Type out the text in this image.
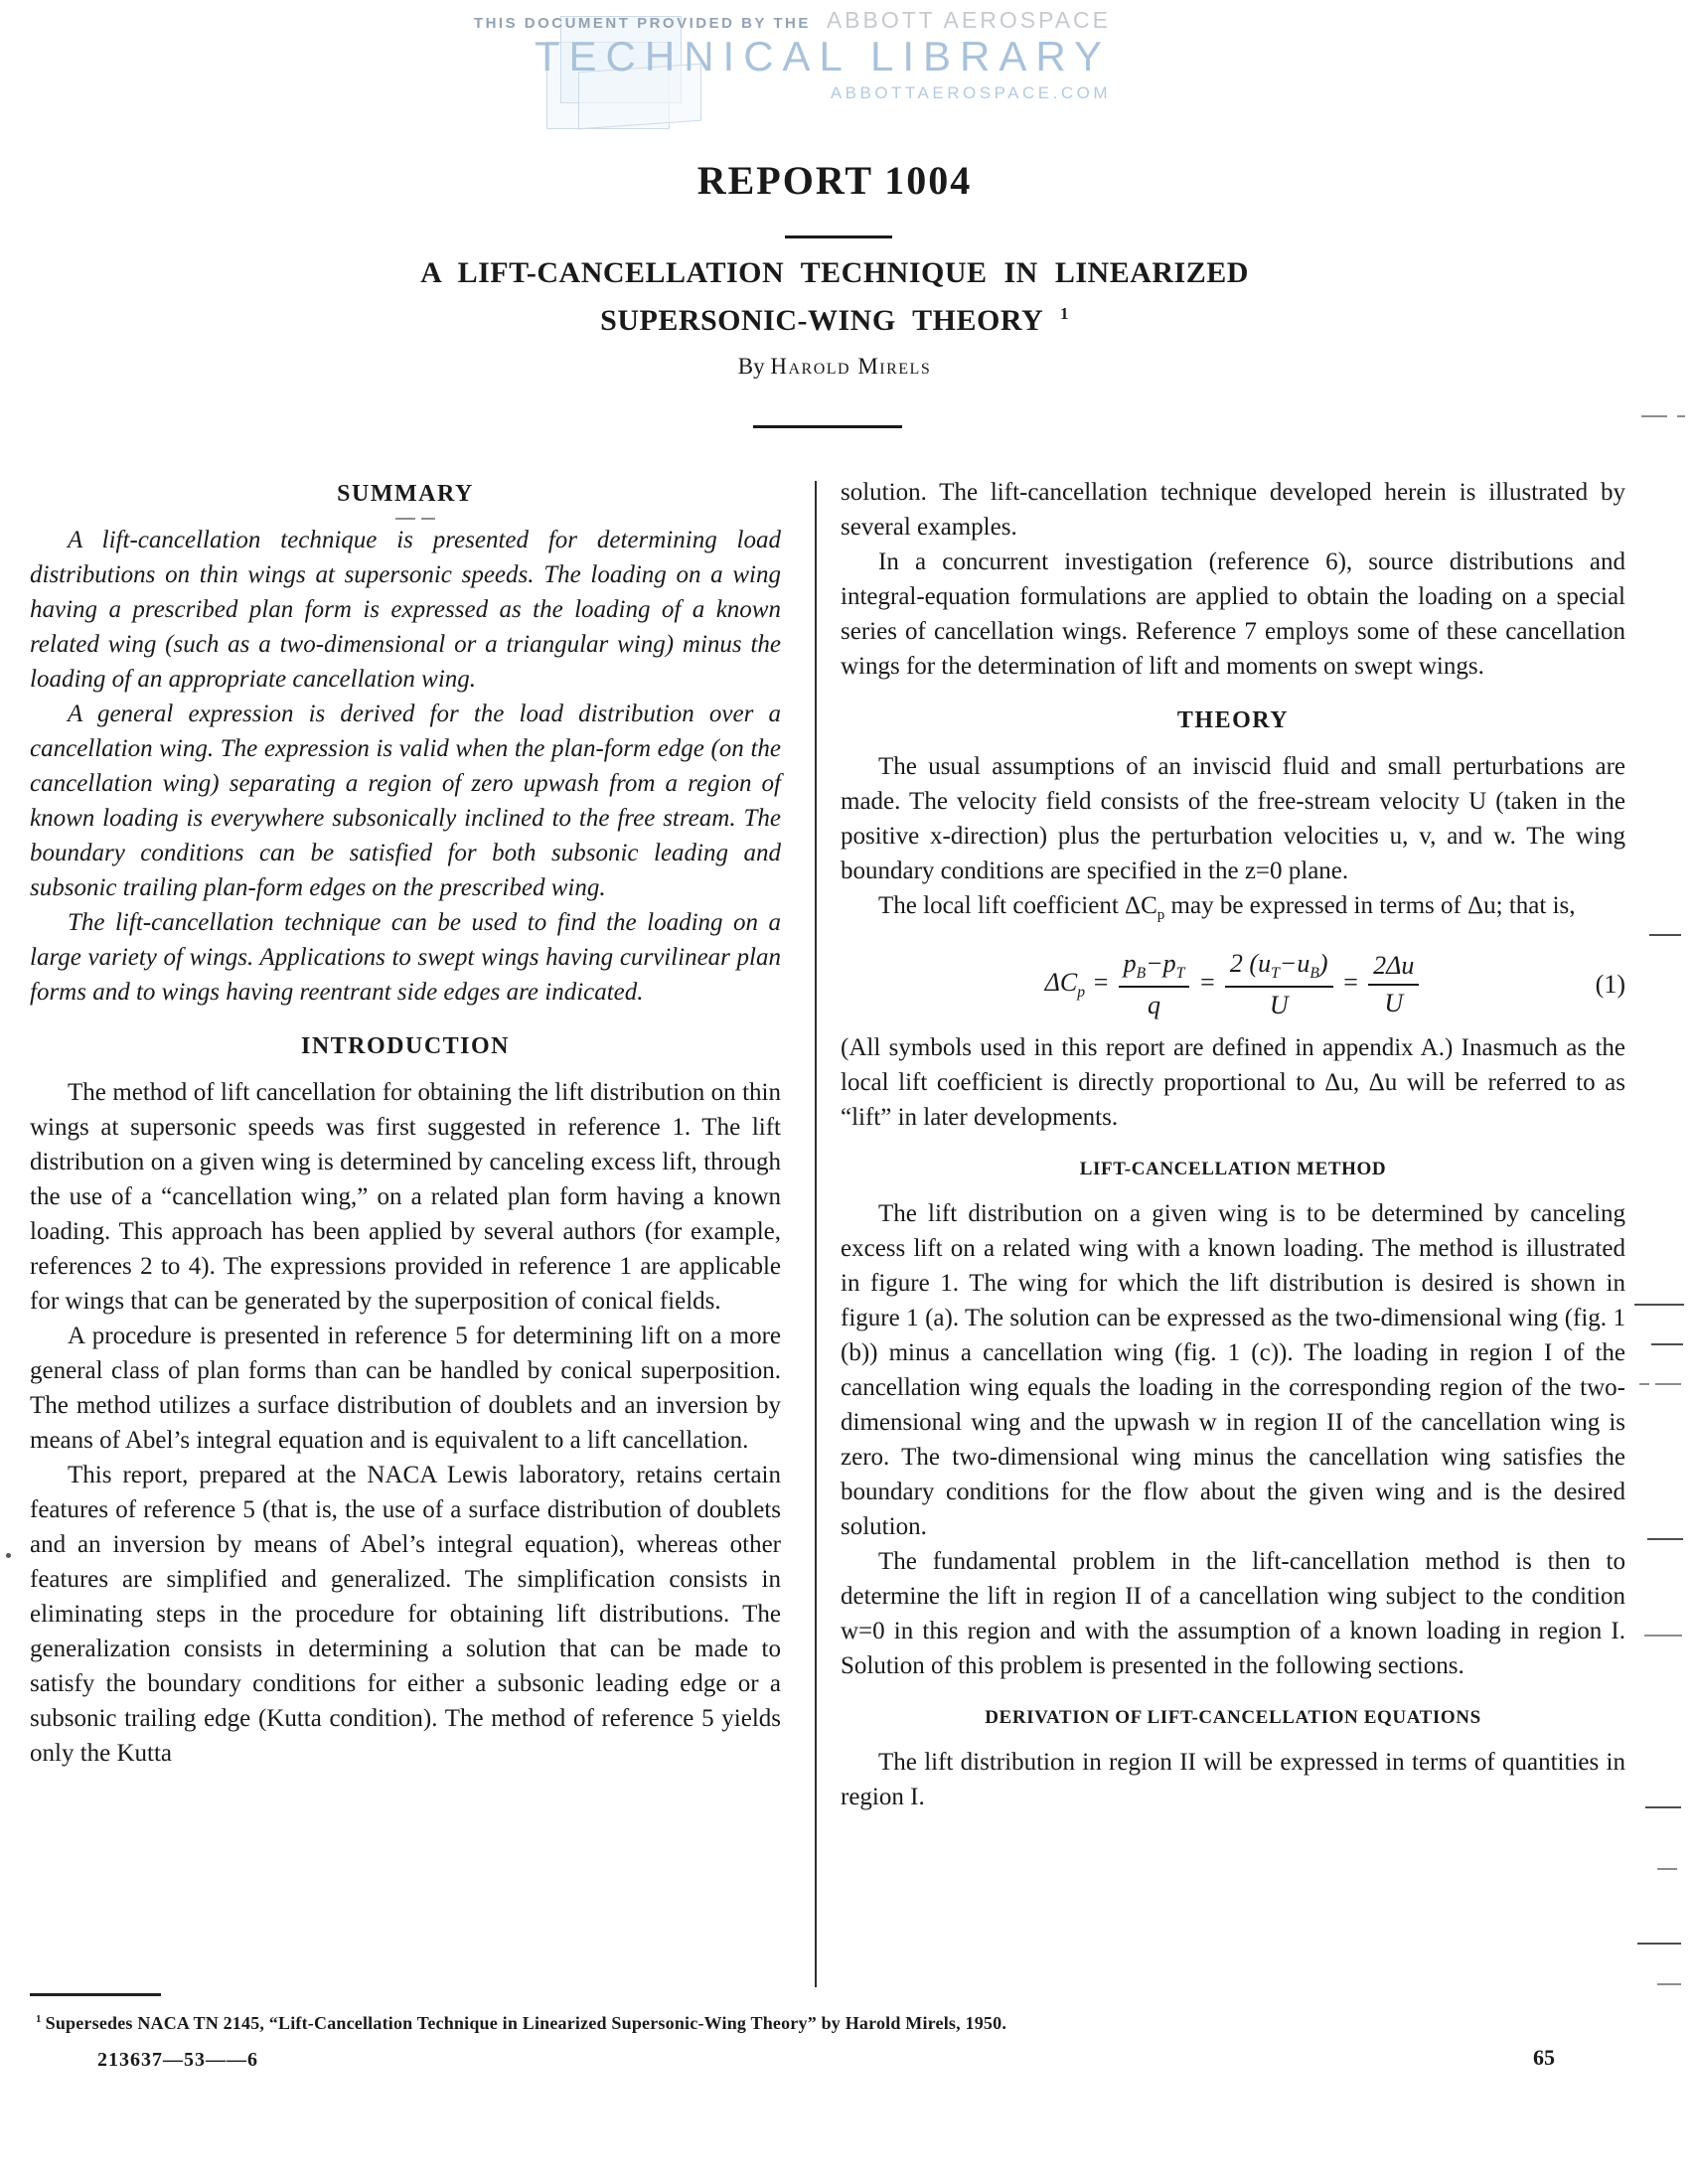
THIS DOCUMENT PROVIDED BY THE ABBOTT AEROSPACE
TECHNICAL LIBRARY
ABBOTTAEROSPACE.COM
REPORT 1004
A LIFT-CANCELLATION TECHNIQUE IN LINEARIZED
SUPERSONIC-WING THEORY $^1$
By Harold Mirels
SUMMARY

A lift-cancellation technique is presented for determining load distributions on thin wings at supersonic speeds. The loading on a wing having a prescribed plan form is expressed as the loading of a known related wing (such as a two-dimensional or a triangular wing) minus the loading of an appropriate cancellation wing.

A general expression is derived for the load distribution over a cancellation wing. The expression is valid when the plan-form edge (on the cancellation wing) separating a region of zero upwash from a region of known loading is everywhere subsonically inclined to the free stream. The boundary conditions can be satisfied for both subsonic leading and subsonic trailing plan-form edges on the prescribed wing.

The lift-cancellation technique can be used to find the loading on a large variety of wings. Applications to swept wings having curvilinear plan forms and to wings having reentrant side edges are indicated.

INTRODUCTION

The method of lift cancellation for obtaining the lift distribution on thin wings at supersonic speeds was first suggested in reference 1. The lift distribution on a given wing is determined by canceling excess lift, through the use of a “cancellation wing,” on a related plan form having a known loading. This approach has been applied by several authors (for example, references 2 to 4). The expressions provided in reference 1 are applicable for wings that can be generated by the superposition of conical fields.

A procedure is presented in reference 5 for determining lift on a more general class of plan forms than can be handled by conical superposition. The method utilizes a surface distribution of doublets and an inversion by means of Abel’s integral equation and is equivalent to a lift cancellation.

This report, prepared at the NACA Lewis laboratory, retains certain features of reference 5 (that is, the use of a surface distribution of doublets and an inversion by means of Abel’s integral equation), whereas other features are simplified and generalized. The simplification consists in eliminating steps in the procedure for obtaining lift distributions. The generalization consists in determining a solution that can be made to satisfy the boundary conditions for either a subsonic leading edge or a subsonic trailing edge (Kutta condition). The method of reference 5 yields only the Kutta

solution. The lift-cancellation technique developed herein is illustrated by several examples.

In a concurrent investigation (reference 6), source distributions and integral-equation formulations are applied to obtain the loading on a special series of cancellation wings. Reference 7 employs some of these cancellation wings for the determination of lift and moments on swept wings.

THEORY

The usual assumptions of an inviscid fluid and small perturbations are made. The velocity field consists of the free-stream velocity U (taken in the positive x-direction) plus the perturbation velocities u, v, and w. The wing boundary conditions are specified in the z=0 plane.

The local lift coefficient $\Delta C_p$ may be expressed in terms of Δu; that is,

$\Delta C_p = \frac{p_B-p_T}{q} = \frac{2 (u_T-u_B)}{U} = \frac{2\Delta u}{U}$	(1)

(All symbols used in this report are defined in appendix A.) Inasmuch as the local lift coefficient is directly proportional to Δu, Δu will be referred to as “lift” in later developments.

LIFT-CANCELLATION METHOD

The lift distribution on a given wing is to be determined by canceling excess lift on a related wing with a known loading. The method is illustrated in figure 1. The wing for which the lift distribution is desired is shown in figure 1 (a). The solution can be expressed as the two-dimensional wing (fig. 1 (b)) minus a cancellation wing (fig. 1 (c)). The loading in region I of the cancellation wing equals the loading in the corresponding region of the two-dimensional wing and the upwash w in region II of the cancellation wing is zero. The two-dimensional wing minus the cancellation wing satisfies the boundary conditions for the flow about the given wing and is the desired solution.

The fundamental problem in the lift-cancellation method is then to determine the lift in region II of a cancellation wing subject to the condition w=0 in this region and with the assumption of a known loading in region I. Solution of this problem is presented in the following sections.

DERIVATION OF LIFT-CANCELLATION EQUATIONS

The lift distribution in region II will be expressed in terms of quantities in region I.

$^1$ Supersedes NACA TN 2145, “Lift-Cancellation Technique in Linearized Supersonic-Wing Theory” by Harold Mirels, 1950.
213637—53——6	65
